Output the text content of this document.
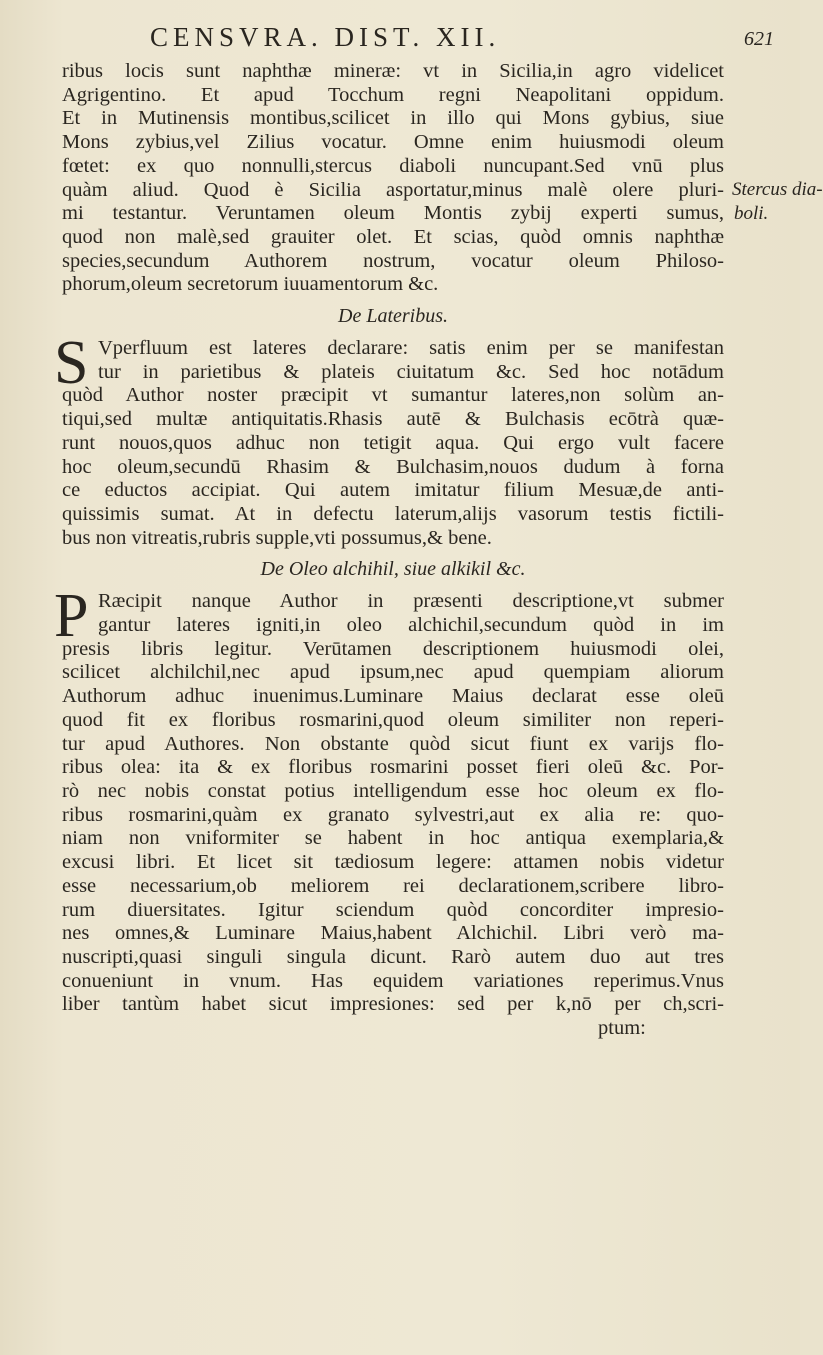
CENSVRA. DIST. XII.	621
ribus locis sunt naphthæ mineræ: vt in Sicilia,in agro videlicet
Agrigentino. Et apud Tocchum regni Neapolitani oppidum.
Et in Mutinensis montibus,scilicet in illo qui Mons gybius, siue
Mons zybius,vel Zilius vocatur. Omne enim huiusmodi oleum
fœtet: ex quo nonnulli,stercus diaboli nuncupant.Sed vnū plus
quàm aliud. Quod è Sicilia asportatur,minus malè olere pluri-
mi testantur. Veruntamen oleum Montis zybij experti sumus,
quod non malè,sed grauiter olet. Et scias, quòd omnis naphthæ
species,secundum Authorem nostrum, vocatur oleum Philoso-
phorum,oleum secretorum iuuamentorum &c.
Stercus dia-
boli.
De Lateribus.
S Vperfluum est lateres declarare: satis enim per se manifestan
tur in parietibus & plateis ciuitatum &c. Sed hoc notādum
quòd Author noster præcipit vt sumantur lateres,non solùm an-
tiqui,sed multæ antiquitatis.Rhasis autē & Bulchasis ecōtrà quæ-
runt nouos,quos adhuc non tetigit aqua. Qui ergo vult facere
hoc oleum,secundū Rhasim & Bulchasim,nouos dudum à forna
ce eductos accipiat. Qui autem imitatur filium Mesuæ,de anti-
quissimis sumat. At in defectu laterum,alijs vasorum testis fictili-
bus non vitreatis,rubris supple,vti possumus,& bene.
De Oleo alchihil, siue alkikil &c.
P Ræcipit nanque Author in præsenti descriptione,vt submer
gantur lateres igniti,in oleo alchichil,secundum quòd in im
presis libris legitur. Verūtamen descriptionem huiusmodi olei,
scilicet alchilchil,nec apud ipsum,nec apud quempiam aliorum
Authorum adhuc inuenimus.Luminare Maius declarat esse oleū
quod fit ex floribus rosmarini,quod oleum similiter non reperi-
tur apud Authores. Non obstante quòd sicut fiunt ex varijs flo-
ribus olea: ita & ex floribus rosmarini posset fieri oleū &c. Por-
rò nec nobis constat potius intelligendum esse hoc oleum ex flo-
ribus rosmarini,quàm ex granato sylvestri,aut ex alia re: quo-
niam non vniformiter se habent in hoc antiqua exemplaria,&
excusi libri. Et licet sit tædiosum legere: attamen nobis videtur
esse necessarium,ob meliorem rei declarationem,scribere libro-
rum diuersitates. Igitur sciendum quòd concorditer impresio-
nes omnes,& Luminare Maius,habent Alchichil. Libri verò ma-
nuscripti,quasi singuli singula dicunt. Rarò autem duo aut tres
conueniunt in vnum. Has equidem variationes reperimus.Vnus
liber tantùm habet sicut impresiones: sed per k,nō per ch,scri-
ptum:
